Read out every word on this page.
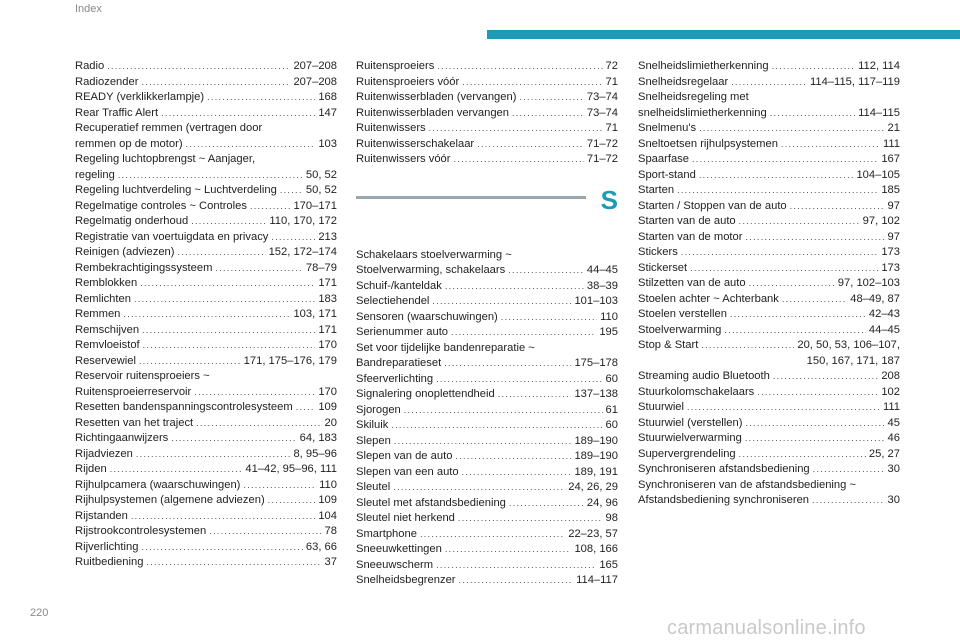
Index
Radio . . .	207–208
Radiozender . . .	207–208
READY (verklikkerlampje) . . .	168
Rear Traffic Alert . . .	147
Recuperatief remmen (vertragen door
remmen op de motor) . . .	103
Regeling luchtopbrengst ~ Aanjager,
regeling . . .	50, 52
Regeling luchtverdeling ~ Luchtverdeling . . .	50, 52
Regelmatige controles ~ Controles . . .	170–171
Regelmatig onderhoud . . .	110, 170, 172
Registratie van voertuigdata en privacy . . .	213
Reinigen (adviezen) . . .	152, 172–174
Rembekrachtigingssysteem . . .	78–79
Remblokken . . .	171
Remlichten . . .	183
Remmen . . .	103, 171
Remschijven . . .	171
Remvloeistof . . .	170
Reservewiel . . .	171, 175–176, 179
Reservoir ruitensproeiers ~
Ruitensproeierreservoir . . .	170
Resetten bandenspanningscontrolesysteem . . . 109
Resetten van het traject . . .	20
Richtingaanwijzers . . .	64, 183
Rijadviezen . . .	8, 95–96
Rijden . . .	41–42, 95–96, 111
Rijhulpcamera (waarschuwingen) . . .	110
Rijhulpsystemen (algemene adviezen) . . .	109
Rijstanden . . .	104
Rijstrookcontrolesystemen . . .	78
Rijverlichting . . .	63, 66
Ruitbediening . . .	37
Ruitensproeiers . . .	72
Ruitensproeiers vóór . . .	71
Ruitenwisserbladen (vervangen) . . .	73–74
Ruitenwisserbladen vervangen . . .	73–74
Ruitenwissers . . .	71
Ruitenwisserschakelaar . . .	71–72
Ruitenwissers vóór . . .	71–72
S
Schakelaars stoelverwarming ~
Stoelverwarming, schakelaars . . .	44–45
Schuif-/kanteldak . . .	38–39
Selectiehendel . . .	101–103
Sensoren (waarschuwingen) . . .	110
Serienummer auto . . .	195
Set voor tijdelijke bandenreparatie ~
Bandreparatieset . . .	175–178
Sfeerverlichting . . .	60
Signalering onoplettendheid . . .	137–138
Sjorogen . . .	61
Skiluik . . .	60
Slepen . . .	189–190
Slepen van de auto . . .	189–190
Slepen van een auto . . .	189, 191
Sleutel . . .	24, 26, 29
Sleutel met afstandsbediening . . .	24, 96
Sleutel niet herkend . . .	98
Smartphone . . .	22–23, 57
Sneeuwkettingen . . .	108, 166
Sneeuwscherm . . .	165
Snelheidsbegrenzer . . .	114–117
Snelheidslimietherkenning . . .	112, 114
Snelheidsregelaar . . .	114–115, 117–119
Snelheidsregeling met
snelheidslimietherkenning . . .	114–115
Snelmenu's . . .	21
Sneltoetsen rijhulpsystemen . . .	111
Spaarfase . . .	167
Sport-stand . . .	104–105
Starten . . .	185
Starten / Stoppen van de auto . . .	97
Starten van de auto . . .	97, 102
Starten van de motor . . .	97
Stickers . . .	173
Stickerset . . .	173
Stilzetten van de auto . . .	97, 102–103
Stoelen achter ~ Achterbank . . .	48–49, 87
Stoelen verstellen . . .	42–43
Stoelverwarming . . .	44–45
Stop & Start . . .	20, 50, 53, 106–107,
150, 167, 171, 187
Streaming audio Bluetooth . . .	208
Stuurkolomschakelaars . . .	102
Stuurwiel . . .	111
Stuurwiel (verstellen) . . .	45
Stuurwielverwarming . . .	46
Supervergrendeling . . .	25, 27
Synchroniseren afstandsbediening . . .	30
Synchroniseren van de afstandsbediening ~
Afstandsbediening synchroniseren . . .	30
220
carmanualsonline.info
